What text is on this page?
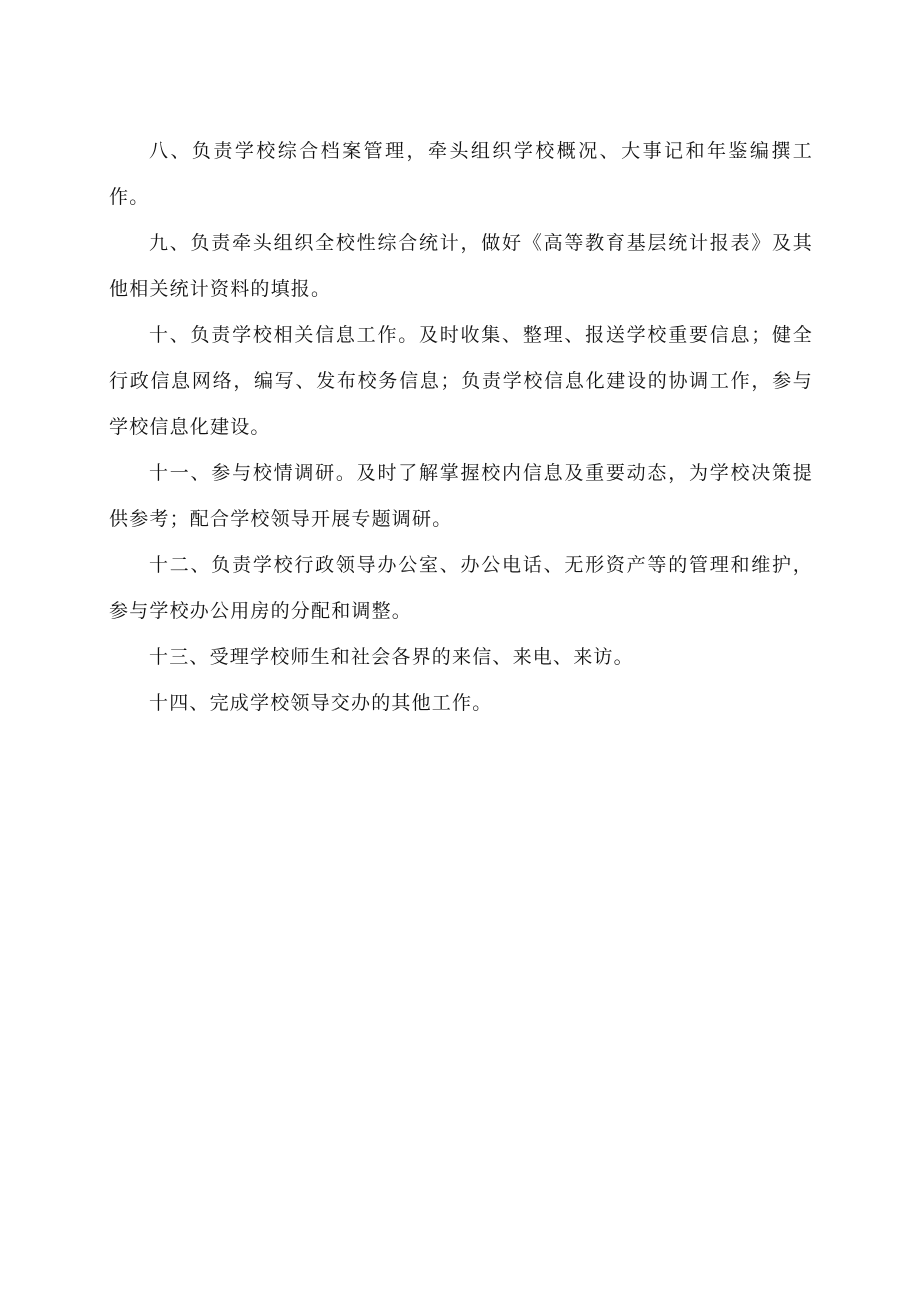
八、负责学校综合档案管理，牵头组织学校概况、大事记和年鉴编撰工作。

九、负责牵头组织全校性综合统计，做好《高等教育基层统计报表》及其他相关统计资料的填报。

十、负责学校相关信息工作。及时收集、整理、报送学校重要信息；健全行政信息网络，编写、发布校务信息；负责学校信息化建设的协调工作，参与学校信息化建设。

十一、参与校情调研。及时了解掌握校内信息及重要动态，为学校决策提供参考；配合学校领导开展专题调研。

十二、负责学校行政领导办公室、办公电话、无形资产等的管理和维护，参与学校办公用房的分配和调整。

十三、受理学校师生和社会各界的来信、来电、来访。

十四、完成学校领导交办的其他工作。
